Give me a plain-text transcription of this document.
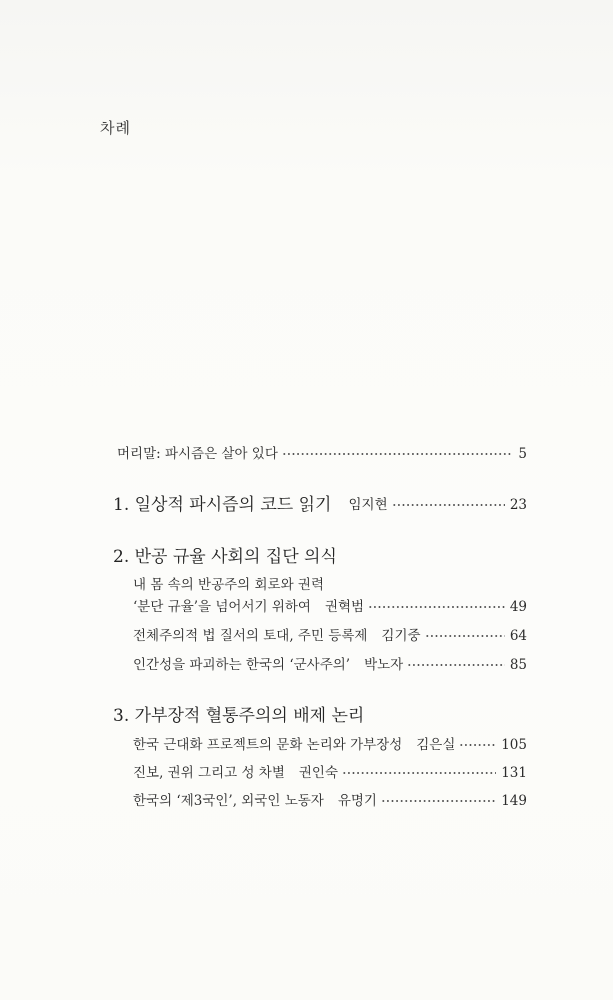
차례
머리말: 파시즘은 살아 있다	5
1. 일상적 파시즘의 코드 읽기 임지현	23
2. 반공 규율 사회의 집단 의식
내 몸 속의 반공주의 회로와 권력
‘분단 규율’을 넘어서기 위하여 권혁범	49
전체주의적 법 질서의 토대, 주민 등록제 김기중	64
인간성을 파괴하는 한국의 ‘군사주의’ 박노자	85
3. 가부장적 혈통주의의 배제 논리
한국 근대화 프로젝트의 문화 논리와 가부장성 김은실	105
진보, 권위 그리고 성 차별 권인숙	131
한국의 ‘제3국인’, 외국인 노동자 유명기	149
